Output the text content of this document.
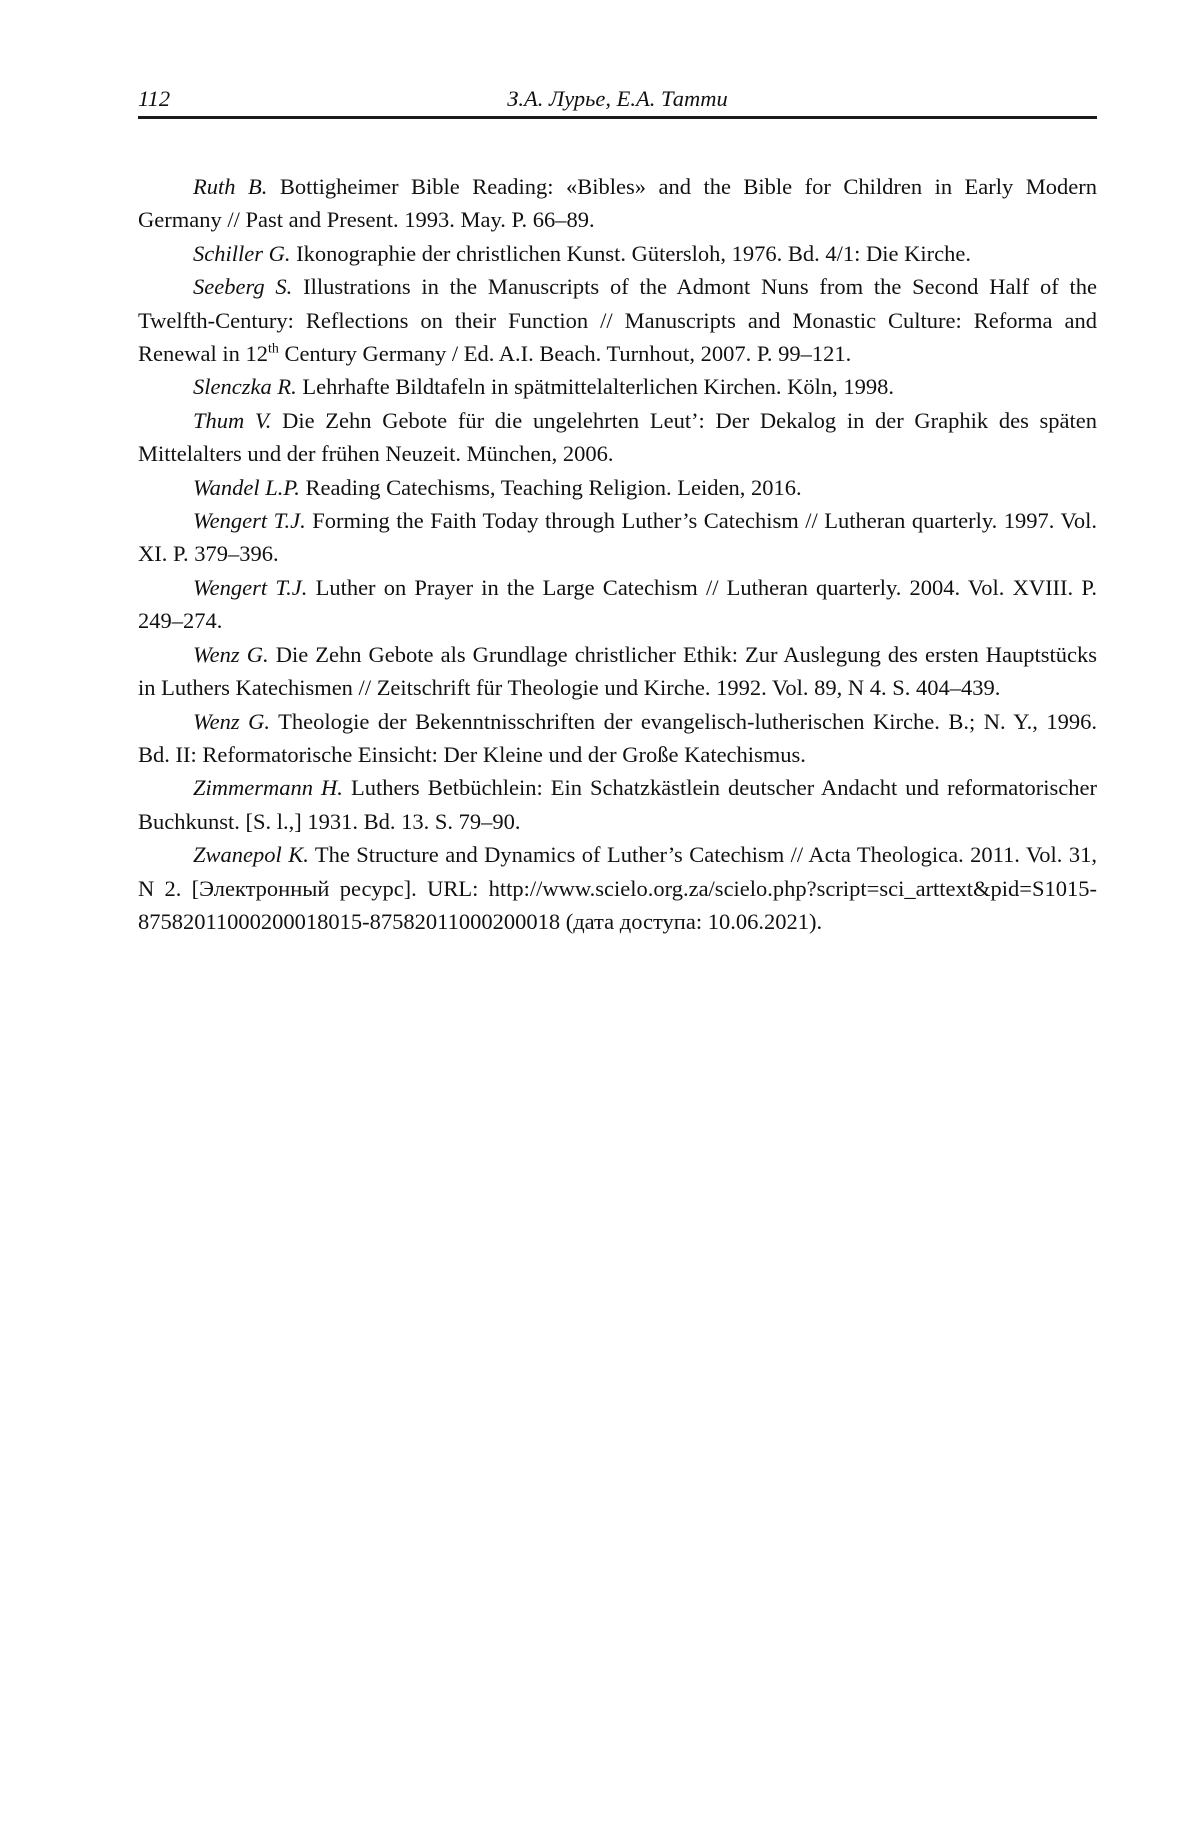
112	З.А. Лурье, Е.А. Татти

Ruth B. Bottigheimer Bible Reading: «Bibles» and the Bible for Children in Early Modern Germany // Past and Present. 1993. May. P. 66–89.

Schiller G. Ikonographie der christlichen Kunst. Gütersloh, 1976. Bd. 4/1: Die Kirche.

Seeberg S. Illustrations in the Manuscripts of the Admont Nuns from the Second Half of the Twelfth-Century: Reflections on their Function // Manuscripts and Monastic Culture: Reforma and Renewal in 12th Century Germany / Ed. A.I. Beach. Turnhout, 2007. P. 99–121.

Slenczka R. Lehrhafte Bildtafeln in spätmittelalterlichen Kirchen. Köln, 1998.

Thum V. Die Zehn Gebote für die ungelehrten Leut’: Der Dekalog in der Graphik des späten Mittelalters und der frühen Neuzeit. München, 2006.

Wandel L.P. Reading Catechisms, Teaching Religion. Leiden, 2016.

Wengert T.J. Forming the Faith Today through Luther’s Catechism // Lutheran quarterly. 1997. Vol. XI. P. 379–396.

Wengert T.J. Luther on Prayer in the Large Catechism // Lutheran quarterly. 2004. Vol. XVIII. P. 249–274.

Wenz G. Die Zehn Gebote als Grundlage christlicher Ethik: Zur Auslegung des ersten Hauptstücks in Luthers Katechismen // Zeitschrift für Theologie und Kirche. 1992. Vol. 89, N 4. S. 404–439.

Wenz G. Theologie der Bekenntnisschriften der evangelisch-lutherischen Kirche. B.; N. Y., 1996. Bd. II: Reformatorische Einsicht: Der Kleine und der Große Katechismus.

Zimmermann H. Luthers Betbüchlein: Ein Schatzkästlein deutscher Andacht und reformatorischer Buchkunst. [S. l.,] 1931. Bd. 13. S. 79–90.

Zwanepol K. The Structure and Dynamics of Luther’s Catechism // Acta Theologica. 2011. Vol. 31, N 2. [Электронный ресурс]. URL: http://www.scielo.org.za/scielo.php?script=sci_arttext&pid=S1015-87582011000200018015-87582011000200018 (дата доступа: 10.06.2021).
